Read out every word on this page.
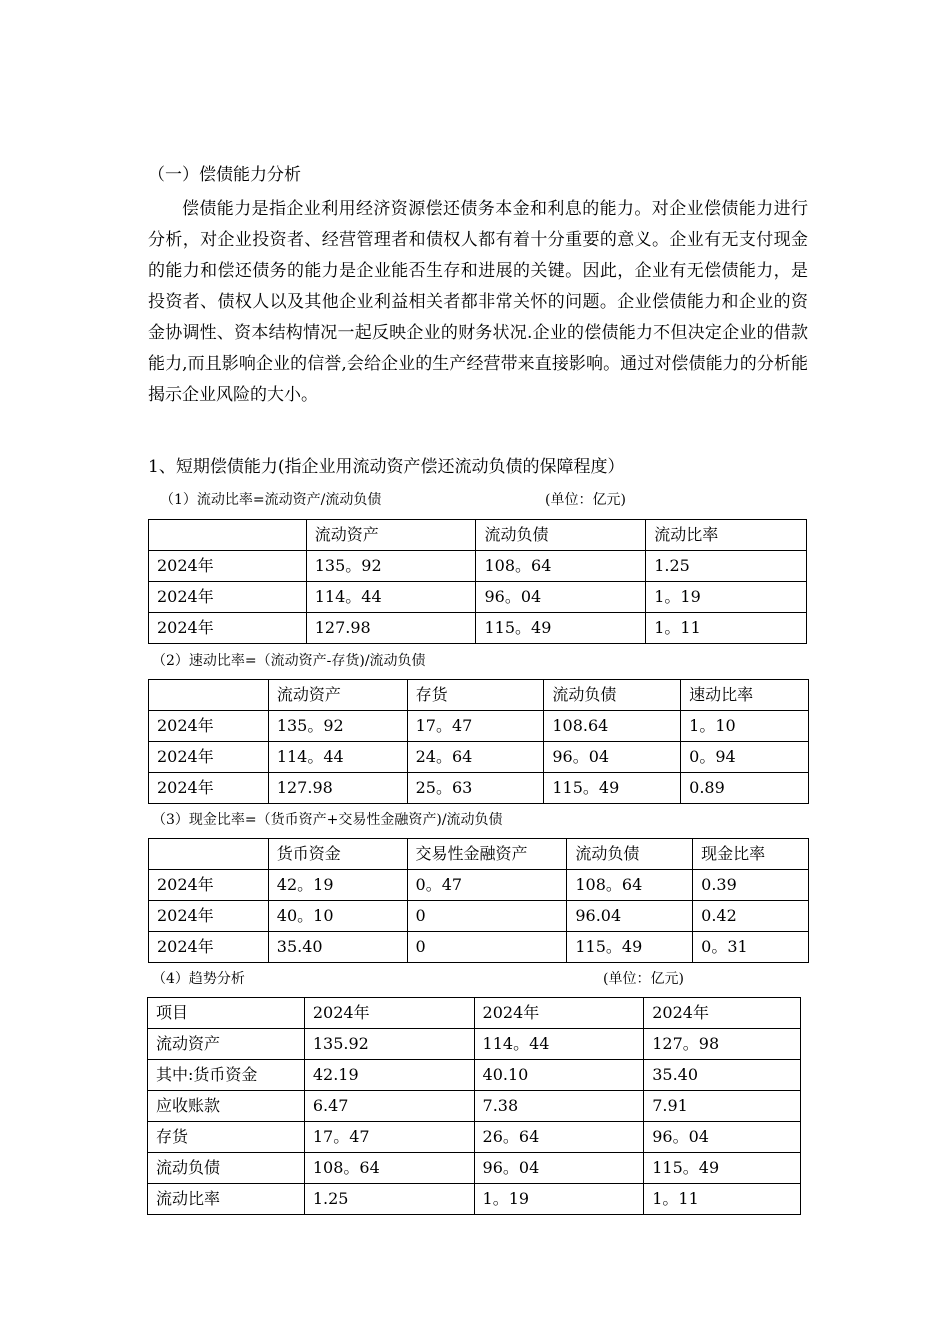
（一）偿债能力分析

偿债能力是指企业利用经济资源偿还债务本金和利息的能力。对企业偿债能力进行分析，对企业投资者、经营管理者和债权人都有着十分重要的意义。企业有无支付现金的能力和偿还债务的能力是企业能否生存和进展的关键。因此，企业有无偿债能力，是投资者、债权人以及其他企业利益相关者都非常关怀的问题。企业偿债能力和企业的资金协调性、资本结构情况一起反映企业的财务状况.企业的偿债能力不但决定企业的借款能力,而且影响企业的信誉,会给企业的生产经营带来直接影响。通过对偿债能力的分析能揭示企业风险的大小。

1、短期偿债能力(指企业用流动资产偿还流动负债的保障程度）
（1）流动比率=流动资产/流动负债	(单位：亿元)
	流动资产	流动负债	流动比率
2024年	135。92	108。64	1.25
2024年	114。44	96。04	1。19
2024年	127.98	115。49	1。11
（2）速动比率=（流动资产-存货)/流动负债
	流动资产	存货	流动负债	速动比率
2024年	135。92	17。47	108.64	1。10
2024年	114。44	24。64	96。04	0。94
2024年	127.98	25。63	115。49	0.89
（3）现金比率=（货币资产+交易性金融资产)/流动负债
	货币资金	交易性金融资产	流动负债	现金比率
2024年	42。19	0。47	108。64	0.39
2024年	40。10	0	96.04	0.42
2024年	35.40	0	115。49	0。31
（4）趋势分析	(单位：亿元)
项目	2024年	2024年	2024年
流动资产	135.92	114。44	127。98
其中:货币资金	42.19	40.10	35.40
应收账款	6.47	7.38	7.91
存货	17。47	26。64	96。04
流动负债	108。64	96。04	115。49
流动比率	1.25	1。19	1。11
